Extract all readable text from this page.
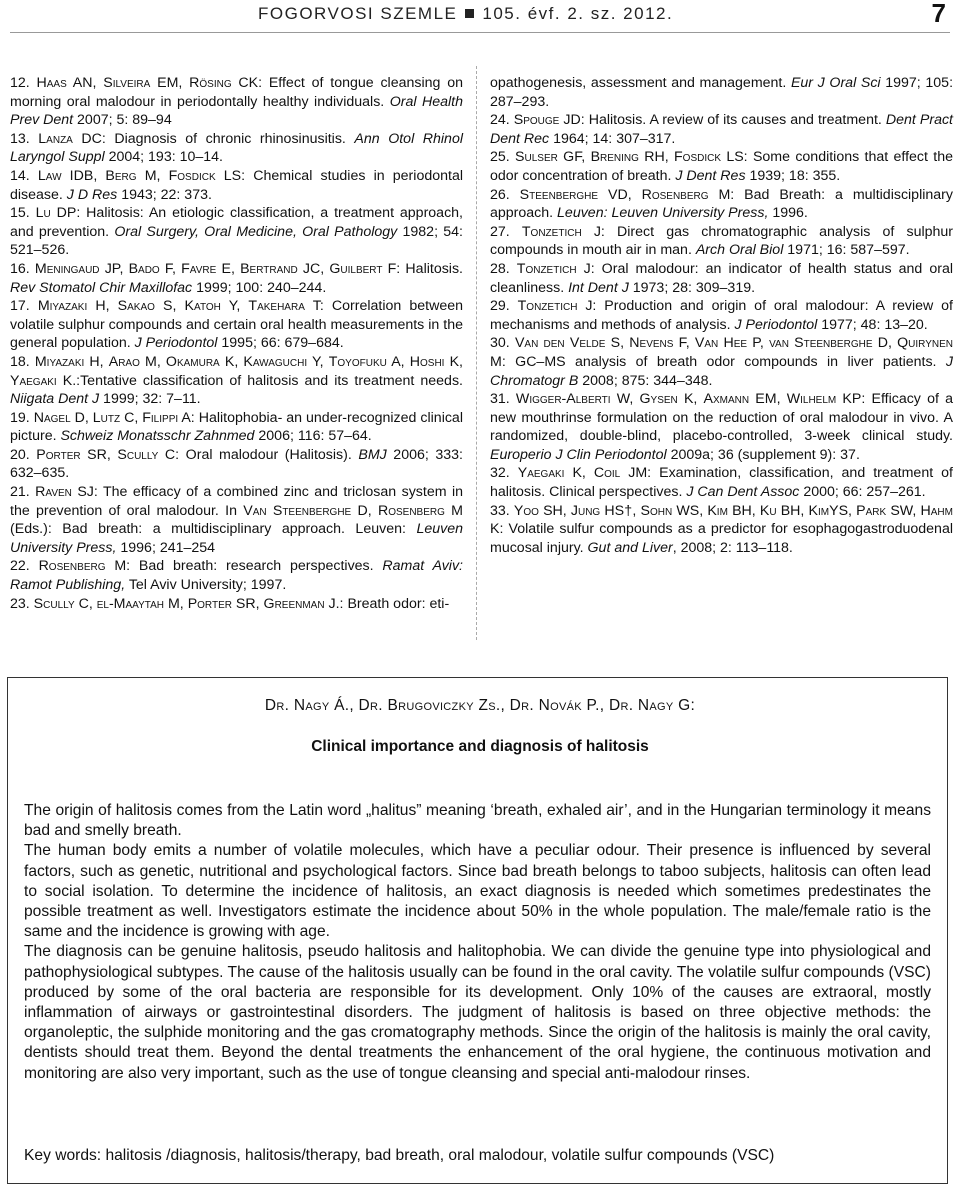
FOGORVOSI SZEMLE 105. évf. 2. sz. 2012.	7

12. Haas AN, Silveira EM, Rösing CK: Effect of tongue cleansing on morning oral malodour in periodontally healthy individuals. Oral Health Prev Dent 2007; 5: 89–94

13. Lanza DC: Diagnosis of chronic rhinosinusitis. Ann Otol Rhinol Laryngol Suppl 2004; 193: 10–14.

14. Law IDB, Berg M, Fosdick LS: Chemical studies in periodontal disease. J D Res 1943; 22: 373.

15. Lu DP: Halitosis: An etiologic classification, a treatment approach, and prevention. Oral Surgery, Oral Medicine, Oral Pathology 1982; 54: 521–526.

16. Meningaud JP, Bado F, Favre E, Bertrand JC, Guilbert F: Halitosis. Rev Stomatol Chir Maxillofac 1999; 100: 240–244.

17. Miyazaki H, Sakao S, Katoh Y, Takehara T: Correlation between volatile sulphur compounds and certain oral health measurements in the general population. J Periodontol 1995; 66: 679–684.

18. Miyazaki H, Arao M, Okamura K, Kawaguchi Y, Toyofuku A, Hoshi K, Yaegaki K.:Tentative classification of halitosis and its treatment needs. Niigata Dent J 1999; 32: 7–11.

19. Nagel D, Lutz C, Filippi A: Halitophobia- an under-recognized clinical picture. Schweiz Monatsschr Zahnmed 2006; 116: 57–64.

20. Porter SR, Scully C: Oral malodour (Halitosis). BMJ 2006; 333: 632–635.

21. Raven SJ: The efficacy of a combined zinc and triclosan system in the prevention of oral malodour. In Van Steenberghe D, Rosenberg M (Eds.): Bad breath: a multidisciplinary approach. Leuven: Leuven University Press, 1996; 241–254

22. Rosenberg M: Bad breath: research perspectives. Ramat Aviv: Ramot Publishing, Tel Aviv University; 1997.

23. Scully C, el-Maaytah M, Porter SR, Greenman J.: Breath odor: eti-

opathogenesis, assessment and management. Eur J Oral Sci 1997; 105: 287–293.

24. Spouge JD: Halitosis. A review of its causes and treatment. Dent Pract Dent Rec 1964; 14: 307–317.

25. Sulser GF, Brening RH, Fosdick LS: Some conditions that effect the odor concentration of breath. J Dent Res 1939; 18: 355.

26. Steenberghe VD, Rosenberg M: Bad Breath: a multidisciplinary approach. Leuven: Leuven University Press, 1996.

27. Tonzetich J: Direct gas chromatographic analysis of sulphur compounds in mouth air in man. Arch Oral Biol 1971; 16: 587–597.

28. Tonzetich J: Oral malodour: an indicator of health status and oral cleanliness. Int Dent J 1973; 28: 309–319.

29. Tonzetich J: Production and origin of oral malodour: A review of mechanisms and methods of analysis. J Periodontol 1977; 48: 13–20.

30. Van den Velde S, Nevens F, Van Hee P, van Steenberghe D, Quirynen M: GC–MS analysis of breath odor compounds in liver patients. J Chromatogr B 2008; 875: 344–348.

31. Wigger-Alberti W, Gysen K, Axmann EM, Wilhelm KP: Efficacy of a new mouthrinse formulation on the reduction of oral malodour in vivo. A randomized, double-blind, placebo-controlled, 3-week clinical study. Europerio J Clin Periodontol 2009a; 36 (supplement 9): 37.

32. Yaegaki K, Coil JM: Examination, classification, and treatment of halitosis. Clinical perspectives. J Can Dent Assoc 2000; 66: 257–261.

33. Yoo SH, Jung HS†, Sohn WS, Kim BH, Ku BH, KimYS, Park SW, Hahm K: Volatile sulfur compounds as a predictor for esophagogastroduodenal mucosal injury. Gut and Liver, 2008; 2: 113–118.

Dr. Nagy Á., Dr. Brugoviczky Zs., Dr. Novák P., Dr. Nagy G:
Clinical importance and diagnosis of halitosis

The origin of halitosis comes from the Latin word „halitus” meaning ‘breath, exhaled air’, and in the Hungarian terminology it means bad and smelly breath.

The human body emits a number of volatile molecules, which have a peculiar odour. Their presence is influenced by several factors, such as genetic, nutritional and psychological factors. Since bad breath belongs to taboo subjects, halitosis can often lead to social isolation. To determine the incidence of halitosis, an exact diagnosis is needed which sometimes predestinates the possible treatment as well. Investigators estimate the incidence about 50% in the whole population. The male/female ratio is the same and the incidence is growing with age.

The diagnosis can be genuine halitosis, pseudo halitosis and halitophobia. We can divide the genuine type into physiological and pathophysiological subtypes. The cause of the halitosis usually can be found in the oral cavity. The volatile sulfur compounds (VSC) produced by some of the oral bacteria are responsible for its development. Only 10% of the causes are extraoral, mostly inflammation of airways or gastrointestinal disorders. The judgment of halitosis is based on three objective methods: the organoleptic, the sulphide monitoring and the gas cromatography methods. Since the origin of the halitosis is mainly the oral cavity, dentists should treat them. Beyond the dental treatments the enhancement of the oral hygiene, the continuous motivation and monitoring are also very important, such as the use of tongue cleansing and special anti-malodour rinses.

Key words: halitosis /diagnosis, halitosis/therapy, bad breath, oral malodour, volatile sulfur compounds (VSC)
